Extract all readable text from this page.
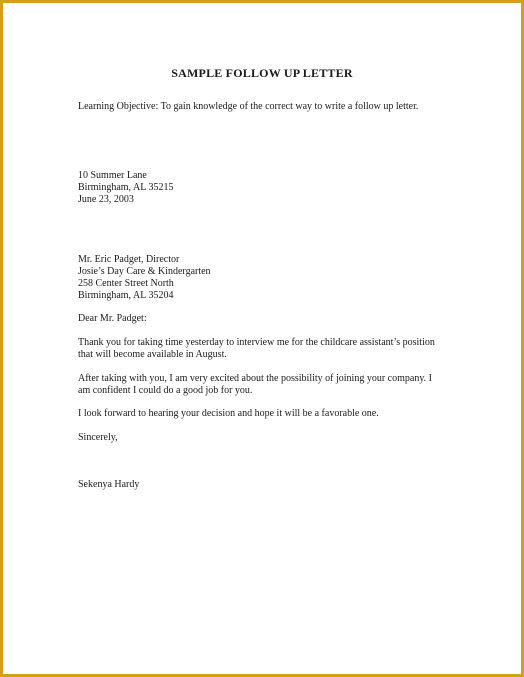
SAMPLE FOLLOW UP LETTER
Learning Objective: To gain knowledge of the correct way to write a follow up letter.
10 Summer Lane
Birmingham, AL 35215
June 23, 2003
Mr. Eric Padget, Director
Josie’s Day Care & Kindergarten
258 Center Street North
Birmingham, AL 35204
Dear Mr. Padget:
Thank you for taking time yesterday to interview me for the childcare assistant’s position
that will become available in August.
After taking with you, I am very excited about the possibility of joining your company. I
am confident I could do a good job for you.
I look forward to hearing your decision and hope it will be a favorable one.
Sincerely,
Sekenya Hardy
